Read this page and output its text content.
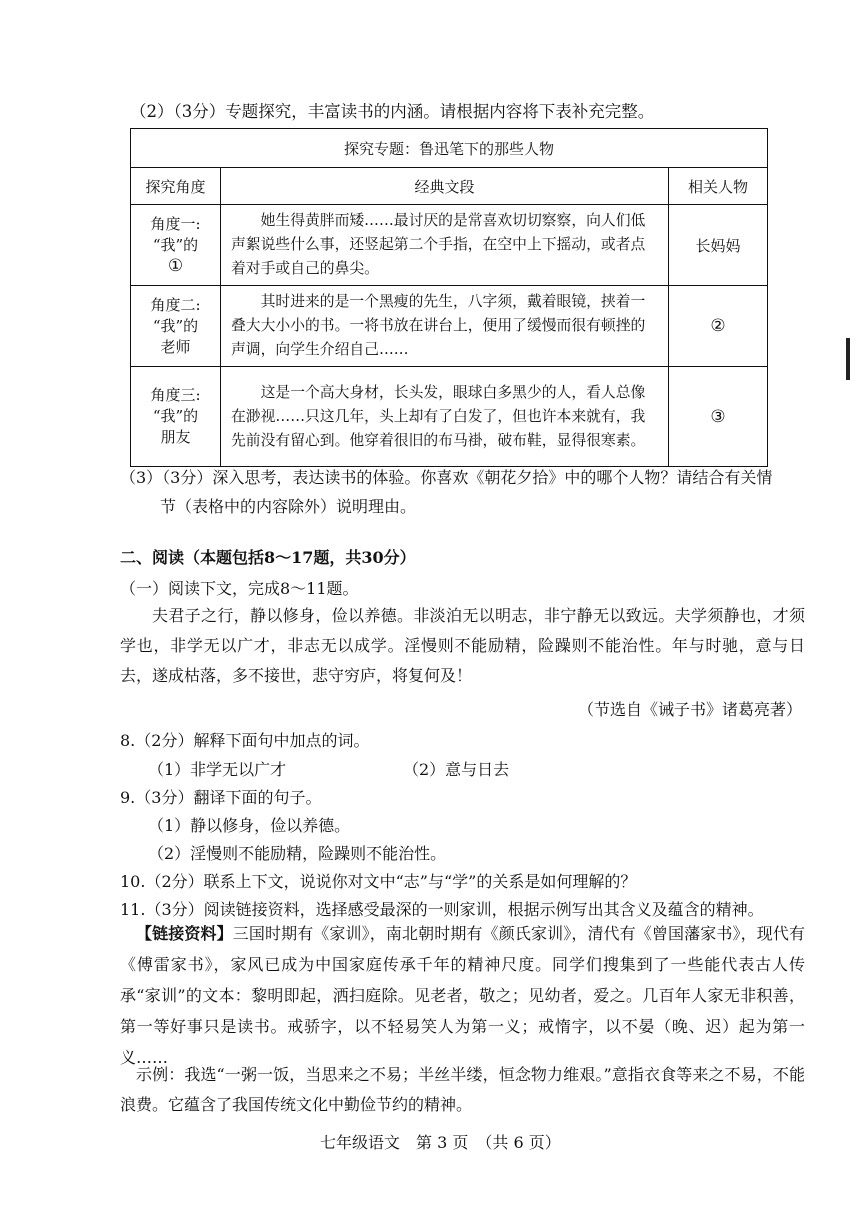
（2）（3分）专题探究，丰富读书的内涵。请根据内容将下表补充完整。
探究专题：鲁迅笔下的那些人物		
探究角度	经典文段	相关人物

角度一:
“我”的
①	她生得黄胖而矮……最讨厌的是常喜欢切切察察，向人们低声絮说些什么事，还竖起第二个手指，在空中上下摇动，或者点着对手或自己的鼻尖。	长妈妈

角度二:
“我”的
老师	其时进来的是一个黑瘦的先生，八字须，戴着眼镜，挟着一叠大大小小的书。一将书放在讲台上，便用了缓慢而很有顿挫的声调，向学生介绍自己……	②

角度三:
“我”的
朋友	这是一个高大身材，长头发，眼球白多黑少的人，看人总像在渺视……只这几年，头上却有了白发了，但也许本来就有，我先前没有留心到。他穿着很旧的布马褂，破布鞋，显得很寒素。	③
（3）（3分）深入思考，表达读书的体验。你喜欢《朝花夕拾》中的哪个人物？请结合有关情
节（表格中的内容除外）说明理由。
二、阅读（本题包括8～17题，共30分）
（一）阅读下文，完成8～11题。
夫君子之行，静以修身，俭以养德。非淡泊无以明志，非宁静无以致远。夫学须静也，才须学也，非学无以广才，非志无以成学。淫慢则不能励精，险躁则不能治性。年与时驰，意与日去，遂成枯落，多不接世，悲守穷庐，将复何及！
（节选自《诫子书》诸葛亮著）
8.（2分）解释下面句中加点的词。
（1）非学无以广才	（2）意与日去
9.（3分）翻译下面的句子。
（1）静以修身，俭以养德。
（2）淫慢则不能励精，险躁则不能治性。
10.（2分）联系上下文，说说你对文中“志”与“学”的关系是如何理解的？
11.（3分）阅读链接资料，选择感受最深的一则家训，根据示例写出其含义及蕴含的精神。
【链接资料】三国时期有《家训》，南北朝时期有《颜氏家训》，清代有《曾国藩家书》，现代有《傅雷家书》，家风已成为中国家庭传承千年的精神尺度。同学们搜集到了一些能代表古人传承“家训”的文本：黎明即起，洒扫庭除。见老者，敬之；见幼者，爱之。几百年人家无非积善，第一等好事只是读书。戒骄字，以不轻易笑人为第一义；戒惰字，以不晏（晚、迟）起为第一义……
示例：我选“一粥一饭，当思来之不易；半丝半缕，恒念物力维艰。”意指衣食等来之不易，不能浪费。它蕴含了我国传统文化中勤俭节约的精神。
七年级语文　第 3 页　（共 6 页）
